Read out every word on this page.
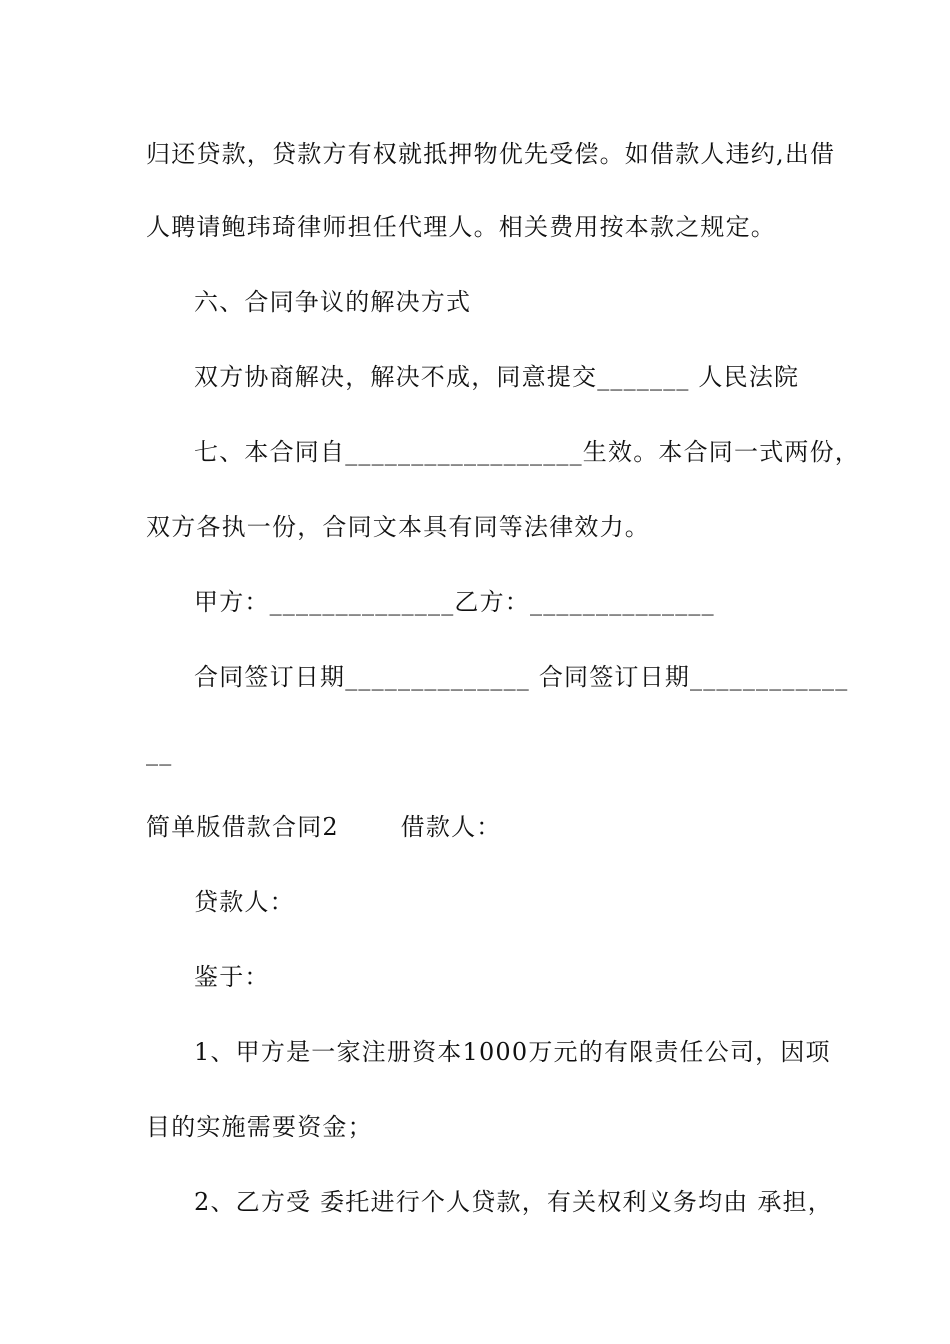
归还贷款，贷款方有权就抵押物优先受偿。如借款人违约,出借
人聘请鲍玮琦律师担任代理人。相关费用按本款之规定。
六、合同争议的解决方式
双方协商解决，解决不成，同意提交_______ 人民法院
七、本合同自__________________生效。本合同一式两份，
双方各执一份，合同文本具有同等法律效力。
甲方：______________乙方：______________
合同签订日期______________ 合同签订日期____________
__
简单版借款合同2       借款人：
贷款人：
鉴于：
1、甲方是一家注册资本1000万元的有限责任公司，因项
目的实施需要资金；
2、乙方受 委托进行个人贷款，有关权利义务均由 承担，
